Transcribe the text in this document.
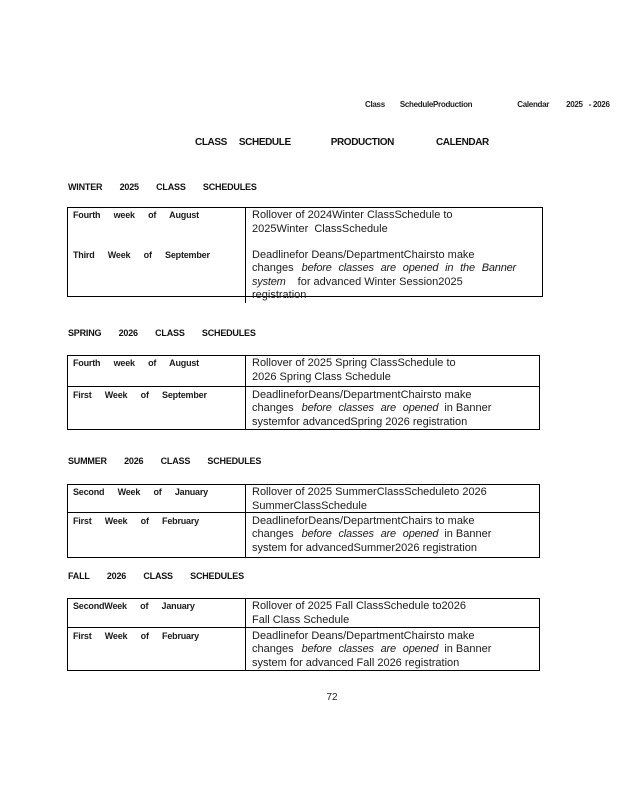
Class ScheduleProduction	Calendar 2025 - 2026
CLASS SCHEDULE	PRODUCTION	CALENDAR
WINTER 2025 CLASS SCHEDULES
Fourth week of August	Rollover of 2024Winter ClassSchedule to
2025Winter  ClassSchedule
Third Week of September	Deadlinefor Deans/DepartmentChairsto make
changes before classes are opened in the Banner
system for advanced Winter Session2025
registration
SPRING 2026 CLASS SCHEDULES
Fourth week of August	Rollover of 2025 Spring ClassSchedule to
2026 Spring Class Schedule
First Week of September	DeadlineforDeans/DepartmentChairsto make
changes before classes are opened in Banner
systemfor advancedSpring 2026 registration
SUMMER 2026 CLASS SCHEDULES
Second Week of January	Rollover of 2025 SummerClassScheduleto 2026
SummerClassSchedule
First Week of February	DeadlineforDeans/DepartmentChairs to make
changes before classes are opened in Banner
system for advancedSummer2026 registration
FALL 2026 CLASS SCHEDULES
SecondWeek of January	Rollover of 2025 Fall ClassSchedule to2026
Fall Class Schedule
First Week of February	Deadlinefor Deans/DepartmentChairsto make
changes before classes are opened in Banner
system for advanced Fall 2026 registration
72
